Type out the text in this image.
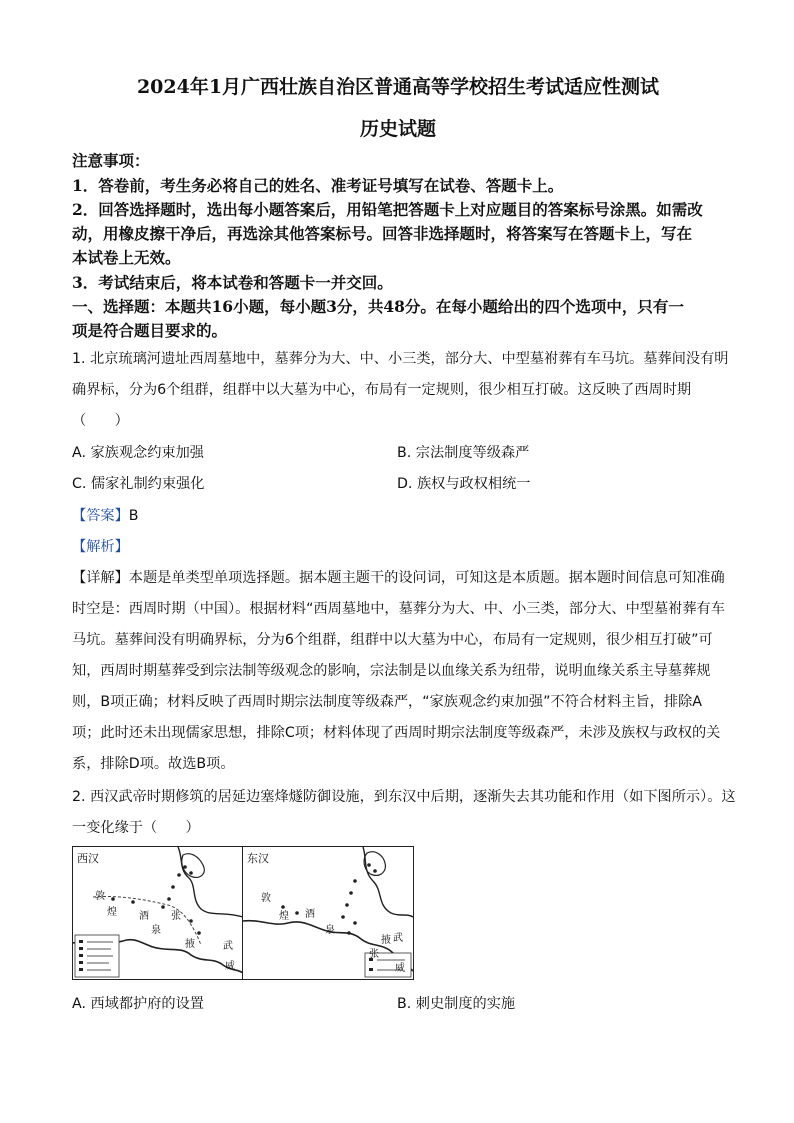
2024年1月广西壮族自治区普通高等学校招生考试适应性测试
历史试题
注意事项：
1．答卷前，考生务必将自己的姓名、准考证号填写在试卷、答题卡上。
2．回答选择题时，选出每小题答案后，用铅笔把答题卡上对应题目的答案标号涂黑。如需改
动，用橡皮擦干净后，再选涂其他答案标号。回答非选择题时，将答案写在答题卡上，写在
本试卷上无效。
3．考试结束后，将本试卷和答题卡一并交回。
一、选择题：本题共16小题，每小题3分，共48分。在每小题给出的四个选项中，只有一
项是符合题目要求的。
1. 北京琉璃河遗址西周墓地中，墓葬分为大、中、小三类，部分大、中型墓祔葬有车马坑。墓葬间没有明
确界标，分为6个组群，组群中以大墓为中心，布局有一定规则，很少相互打破。这反映了西周时期
（　　）
A. 家族观念约束加强	B. 宗法制度等级森严
C. 儒家礼制约束强化	D. 族权与政权相统一
【答案】B
【解析】
【详解】本题是单类型单项选择题。据本题主题干的设问词，可知这是本质题。据本题时间信息可知准确
时空是：西周时期（中国）。根据材料“西周墓地中，墓葬分为大、中、小三类，部分大、中型墓祔葬有车
马坑。墓葬间没有明确界标，分为6个组群，组群中以大墓为中心，布局有一定规则，很少相互打破”可
知，西周时期墓葬受到宗法制等级观念的影响，宗法制是以血缘关系为纽带，说明血缘关系主导墓葬规
则，B项正确；材料反映了西周时期宗法制度等级森严，“家族观念约束加强”不符合材料主旨，排除A
项；此时还未出现儒家思想，排除C项；材料体现了西周时期宗法制度等级森严，未涉及族权与政权的关
系，排除D项。故选B项。
2. 西汉武帝时期修筑的居延边塞烽燧防御设施，到东汉中后期，逐渐失去其功能和作用（如下图所示）。这
一变化缘于（　　）
西汉
敦
煌 酒
泉
张
掖	武
威
东汉
敦
煌 酒
泉
张
掖 武
威
A. 西域都护府的设置	B. 刺史制度的实施
